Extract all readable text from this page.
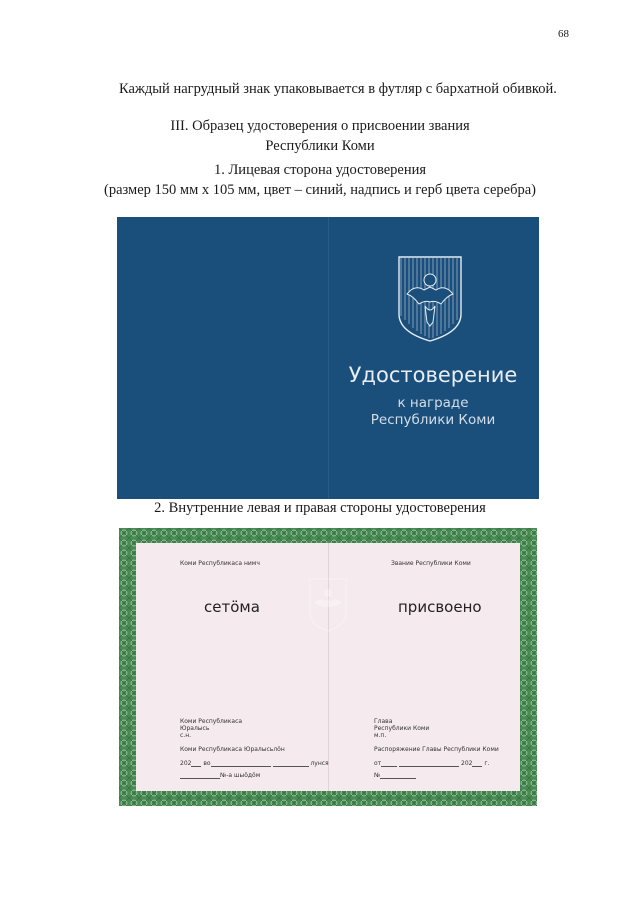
68
Каждый нагрудный знак упаковывается в футляр с бархатной обивкой.
III. Образец удостоверения о присвоении звания
Республики Коми
1. Лицевая сторона удостоверения
(размер 150 мм х 105 мм, цвет – синий, надпись и герб цвета серебра)
Удостоверение
к награде
Республики Коми
2. Внутренние левая и правая стороны удостоверения
Коми Республикаса нимч
сетöма
Коми Республикаса
Юралысь
с.н.
Коми Республикаса Юралысьлöн
202 во	лунся
№-а шыöдöм
Звание Республики Коми
присвоено
Глава
Республики Коми
м.п.
Распоряжение Главы Республики Коми
от	202 г.
№
